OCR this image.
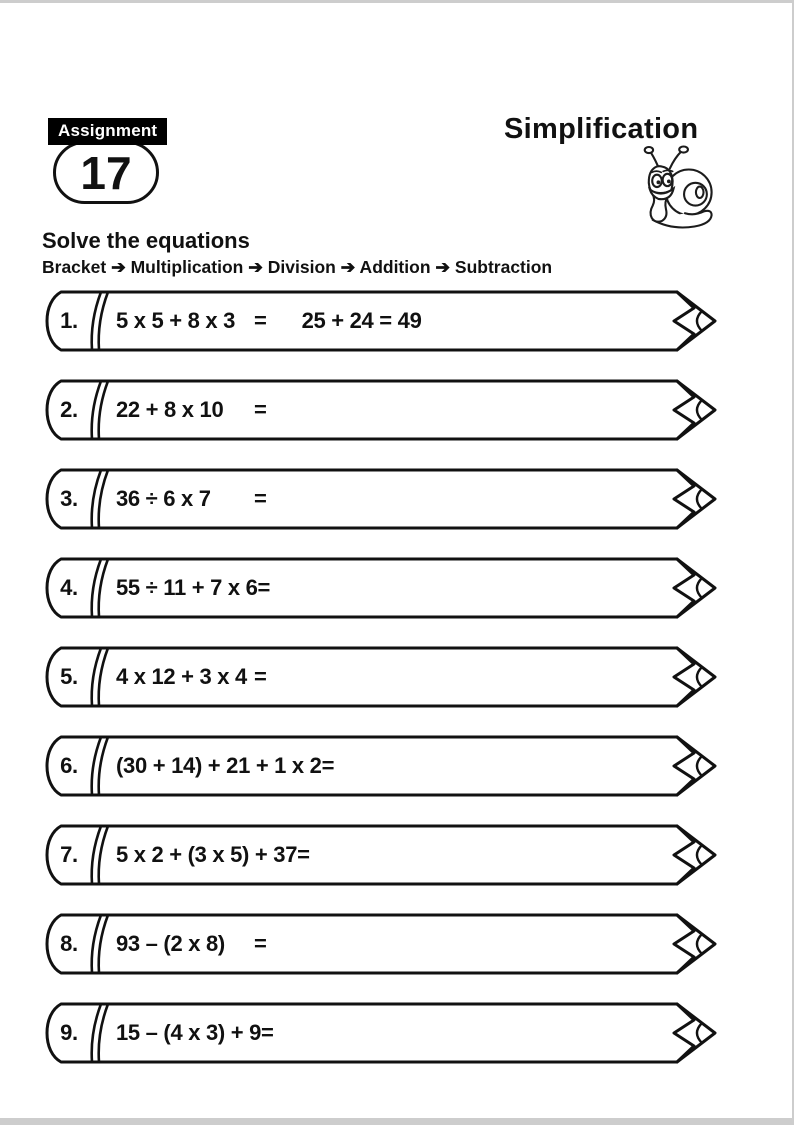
Assignment
17
Simplification
Solve the equations
Bracket ➔ Multiplication ➔ Division ➔ Addition ➔ Subtraction
1.	5 x 5 + 8 x 3 = 25 + 24 = 49
2.	22 + 8 x 10	=
3.	36 ÷ 6 x 7	=
4.	55 ÷ 11 + 7 x 6 =
5.	4 x 12 + 3 x 4 =
6.	(30 + 14) + 21 + 1 x 2 =
7.	5 x 2 + (3 x 5) + 37 =
8.	93 – (2 x 8)	=
9.	15 – (4 x 3) + 9 =
